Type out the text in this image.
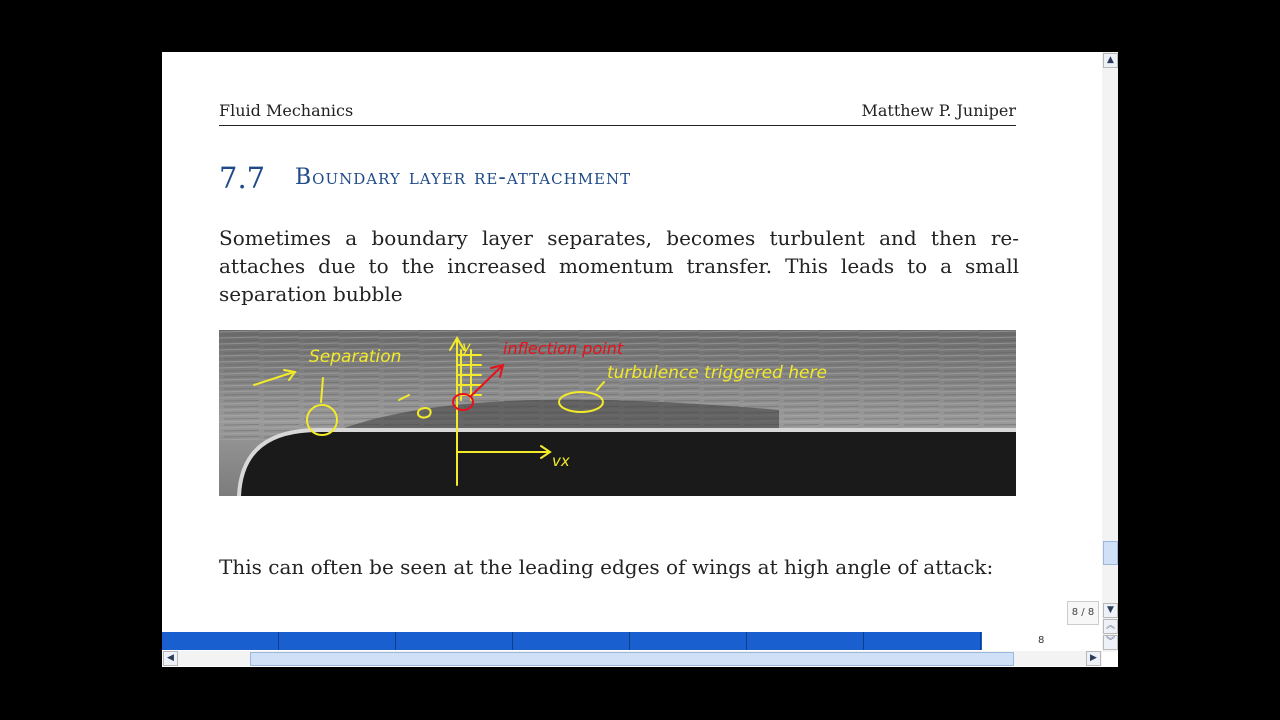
Fluid Mechanics	Matthew P. Juniper
7.7 Boundary layer re-attachment
Sometimes a boundary layer separates, becomes turbulent and then re-attaches due to the increased momentum transfer. This leads to a small separation bubble
Separation
turbulence triggered here
y
vx
inflection point
This can often be seen at the leading edges of wings at high angle of attack:
8 / 8
▲
▼
︽
︾
8
◀	▶
